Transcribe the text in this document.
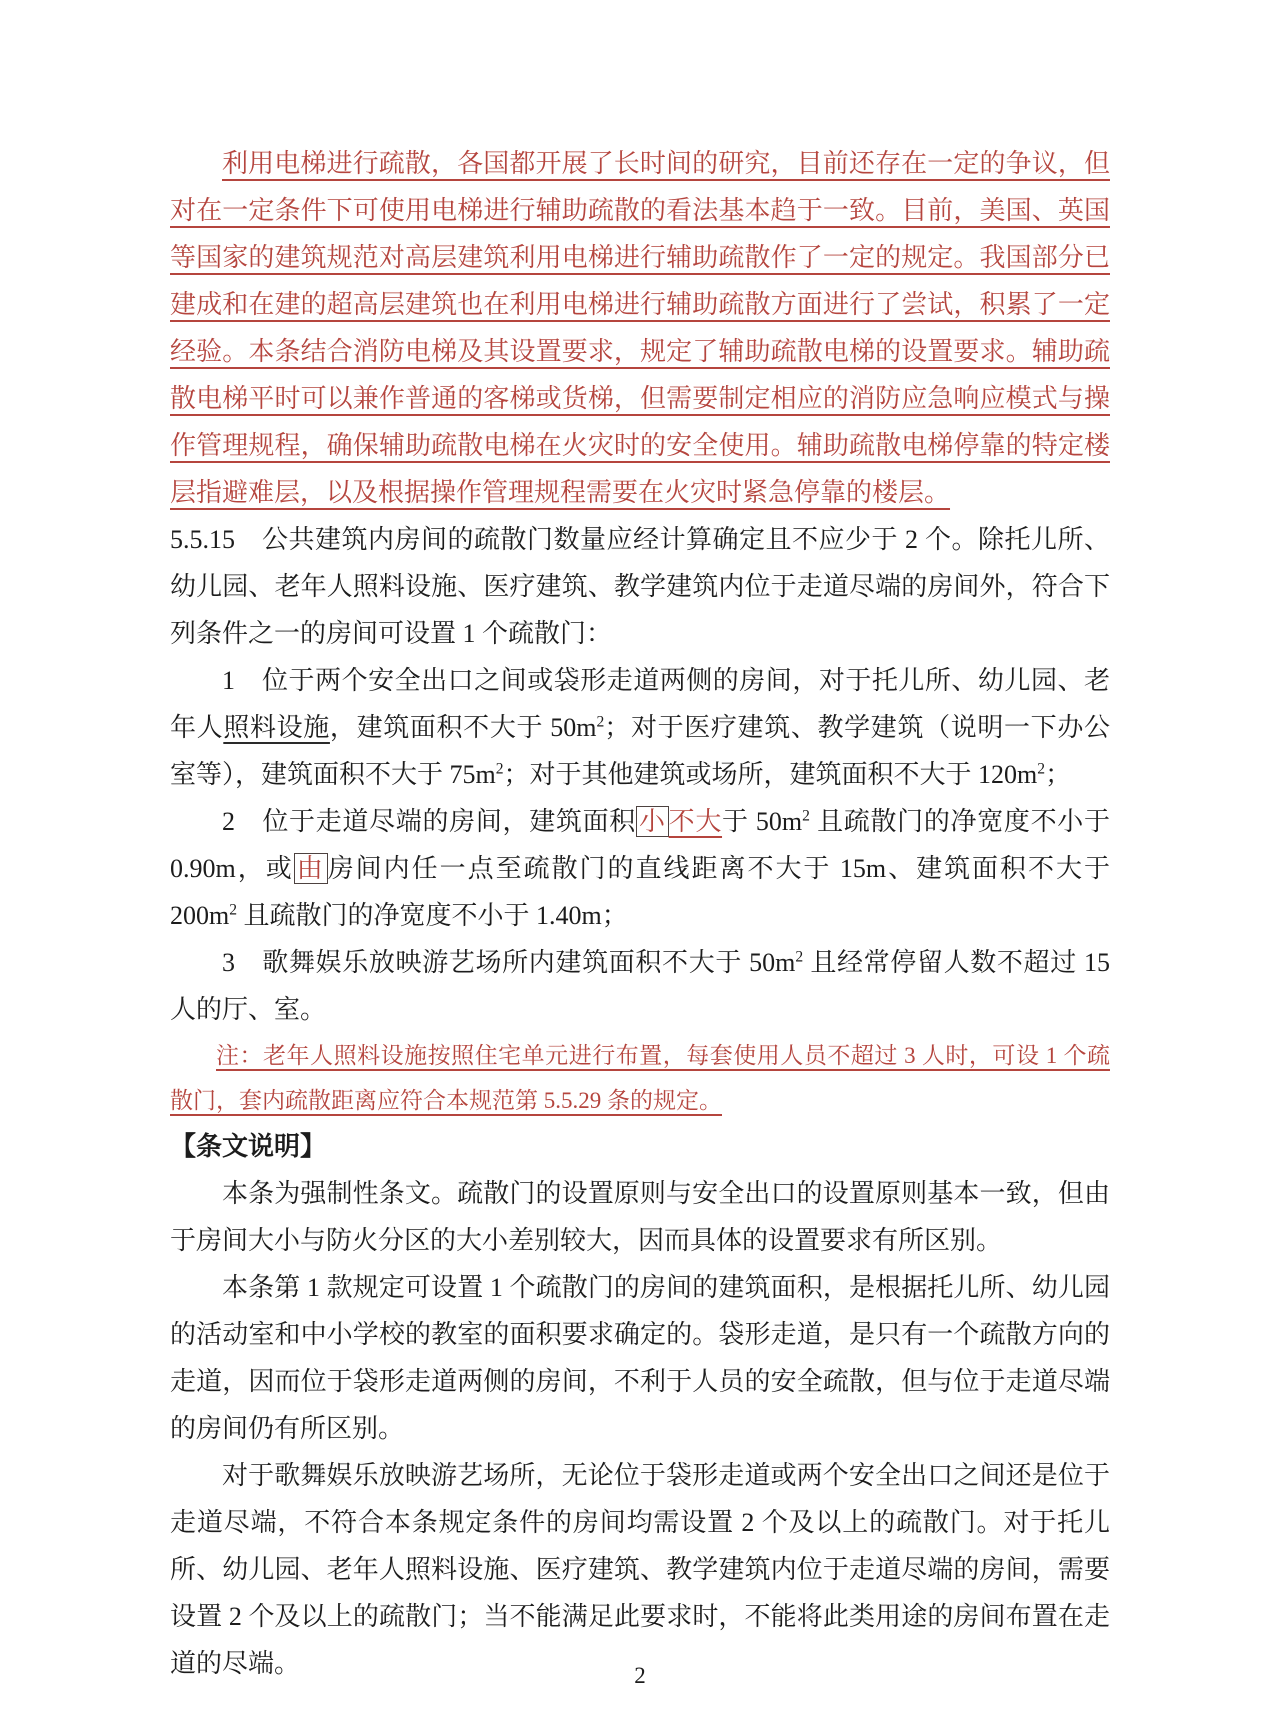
利用电梯进行疏散，各国都开展了长时间的研究，目前还存在一定的争议，但对在一定条件下可使用电梯进行辅助疏散的看法基本趋于一致。目前，美国、英国等国家的建筑规范对高层建筑利用电梯进行辅助疏散作了一定的规定。我国部分已建成和在建的超高层建筑也在利用电梯进行辅助疏散方面进行了尝试，积累了一定经验。本条结合消防电梯及其设置要求，规定了辅助疏散电梯的设置要求。辅助疏散电梯平时可以兼作普通的客梯或货梯，但需要制定相应的消防应急响应模式与操作管理规程，确保辅助疏散电梯在火灾时的安全使用。辅助疏散电梯停靠的特定楼层指避难层，以及根据操作管理规程需要在火灾时紧急停靠的楼层。

5.5.15　公共建筑内房间的疏散门数量应经计算确定且不应少于 2 个。除托儿所、幼儿园、老年人照料设施、医疗建筑、教学建筑内位于走道尽端的房间外，符合下列条件之一的房间可设置 1 个疏散门：

1　位于两个安全出口之间或袋形走道两侧的房间，对于托儿所、幼儿园、老年人照料设施，建筑面积不大于 $50m^2$；对于医疗建筑、教学建筑（说明一下办公室等），建筑面积不大于 $75m^2$；对于其他建筑或场所，建筑面积不大于 $120m^2$；

2　位于走道尽端的房间，建筑面积 小 不大于 $50m^2$ 且疏散门的净宽度不小于 0.90m，或 由 房间内任一点至疏散门的直线距离不大于 15m、建筑面积不大于 $200m^2$ 且疏散门的净宽度不小于 1.40m；

3　歌舞娱乐放映游艺场所内建筑面积不大于 $50m^2$ 且经常停留人数不超过 15 人的厅、室。

注：老年人照料设施按照住宅单元进行布置，每套使用人员不超过 3 人时，可设 1 个疏散门，套内疏散距离应符合本规范第 5.5.29 条的规定。

【条文说明】

本条为强制性条文。疏散门的设置原则与安全出口的设置原则基本一致，但由于房间大小与防火分区的大小差别较大，因而具体的设置要求有所区别。

本条第 1 款规定可设置 1 个疏散门的房间的建筑面积，是根据托儿所、幼儿园的活动室和中小学校的教室的面积要求确定的。袋形走道，是只有一个疏散方向的走道，因而位于袋形走道两侧的房间，不利于人员的安全疏散，但与位于走道尽端的房间仍有所区别。

对于歌舞娱乐放映游艺场所，无论位于袋形走道或两个安全出口之间还是位于走道尽端，不符合本条规定条件的房间均需设置 2 个及以上的疏散门。对于托儿所、幼儿园、老年人照料设施、医疗建筑、教学建筑内位于走道尽端的房间，需要设置 2 个及以上的疏散门；当不能满足此要求时，不能将此类用途的房间布置在走道的尽端。	2
